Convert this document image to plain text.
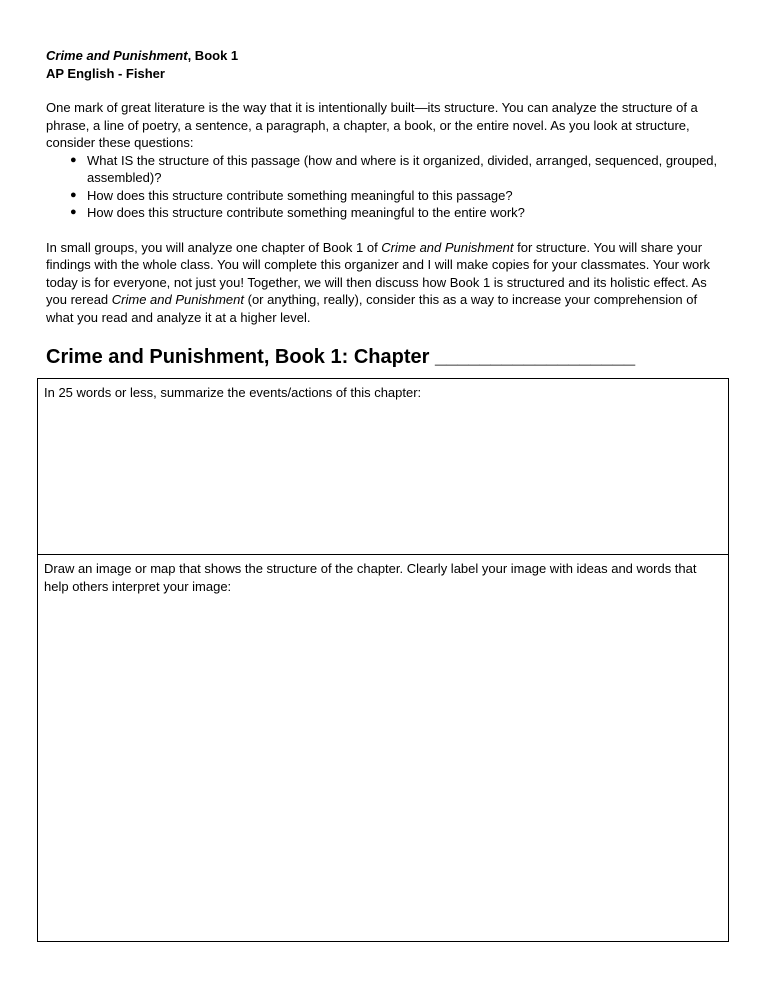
Crime and Punishment, Book 1

AP English - Fisher

One mark of great literature is the way that it is intentionally built—its structure. You can analyze the structure of a phrase, a line of poetry, a sentence, a paragraph, a chapter, a book, or the entire novel. As you look at structure, consider these questions:

● What IS the structure of this passage (how and where is it organized, divided, arranged, sequenced, grouped, assembled)?
● How does this structure contribute something meaningful to this passage?
● How does this structure contribute something meaningful to the entire work?

In small groups, you will analyze one chapter of Book 1 of Crime and Punishment for structure. You will share your findings with the whole class. You will complete this organizer and I will make copies for your classmates. Your work today is for everyone, not just you! Together, we will then discuss how Book 1 is structured and its holistic effect. As you reread Crime and Punishment (or anything, really), consider this as a way to increase your comprehension of what you read and analyze it at a higher level.

Crime and Punishment, Book 1: Chapter __________________
In 25 words or less, summarize the events/actions of this chapter:
Draw an image or map that shows the structure of the chapter. Clearly label your image with ideas and words that help others interpret your image:
